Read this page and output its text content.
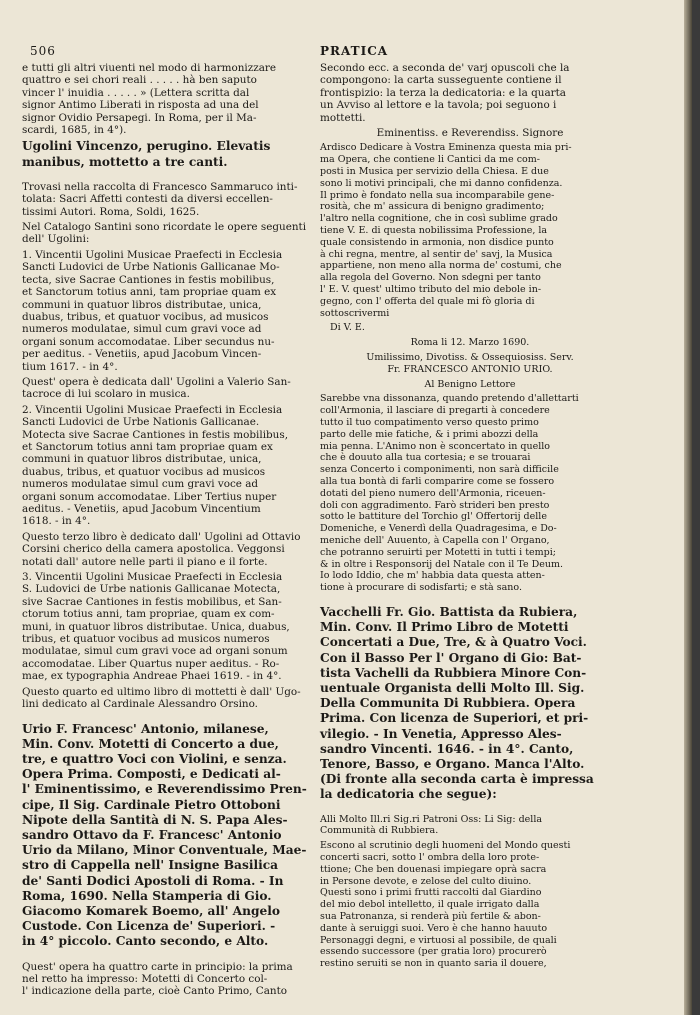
506	PRATICA
e tutti gli altri viuenti nel modo di harmonizzare
quattro e sei chori reali . . . . . hà ben saputo
vincer l' inuidia . . . . . » (Lettera scritta dal
signor Antimo Liberati in risposta ad una del
signor Ovidio Persapegi. In Roma, per il Ma-
scardi, 1685, in 4°).
Ugolini Vincenzo, perugino. Elevatis
manibus, mottetto a tre canti.
Trovasi nella raccolta di Francesco Sammaruco inti-
tolata: Sacri Affetti contesti da diversi eccellen-
tissimi Autori. Roma, Soldi, 1625.
Nel Catalogo Santini sono ricordate le opere seguenti
dell' Ugolini:
1. Vincentii Ugolini Musicae Praefecti in Ecclesia
Sancti Ludovici de Urbe Nationis Gallicanae Mo-
tecta, sive Sacrae Cantiones in festis mobilibus,
et Sanctorum totius anni, tam propriae quam ex
communi in quatuor libros distributae, unica,
duabus, tribus, et quatuor vocibus, ad musicos
numeros modulatae, simul cum gravi voce ad
organi sonum accomodatae. Liber secundus nu-
per aeditus. - Venetiis, apud Jacobum Vincen-
tium 1617. - in 4°.
Quest' opera è dedicata dall' Ugolini a Valerio San-
tacroce di lui scolaro in musica.
2. Vincentii Ugolini Musicae Praefecti in Ecclesia
Sancti Ludovici de Urbe Nationis Gallicanae.
Motecta sive Sacrae Cantiones in festis mobilibus,
et Sanctorum totius anni tam propriae quam ex
communi in quatuor libros distributae, unica,
duabus, tribus, et quatuor vocibus ad musicos
numeros modulatae simul cum gravi voce ad
organi sonum accomodatae. Liber Tertius nuper
aeditus. - Venetiis, apud Jacobum Vincentium
1618. - in 4°.
Questo terzo libro è dedicato dall' Ugolini ad Ottavio
Corsini cherico della camera apostolica. Veggonsi
notati dall' autore nelle parti il piano e il forte.
3. Vincentii Ugolini Musicae Praefecti in Ecclesia
S. Ludovici de Urbe nationis Gallicanae Motecta,
sive Sacrae Cantiones in festis mobilibus, et San-
ctorum totius anni, tam propriae, quam ex com-
muni, in quatuor libros distributae. Unica, duabus,
tribus, et quatuor vocibus ad musicos numeros
modulatae, simul cum gravi voce ad organi sonum
accomodatae. Liber Quartus nuper aeditus. - Ro-
mae, ex typographia Andreae Phaei 1619. - in 4°.
Questo quarto ed ultimo libro di mottetti è dall' Ugo-
lini dedicato al Cardinale Alessandro Orsino.
Urio F. Francesc' Antonio, milanese,
Min. Conv. Motetti di Concerto a due,
tre, e quattro Voci con Violini, e senza.
Opera Prima. Composti, e Dedicati al-
l' Eminentissimo, e Reverendissimo Pren-
cipe, Il Sig. Cardinale Pietro Ottoboni
Nipote della Santità di N. S. Papa Ales-
sandro Ottavo da F. Francesc' Antonio
Urio da Milano, Minor Conventuale, Mae-
stro di Cappella nell' Insigne Basilica
de' Santi Dodici Apostoli di Roma. - In
Roma, 1690. Nella Stamperia di Gio.
Giacomo Komarek Boemo, all' Angelo
Custode. Con Licenza de' Superiori. -
in 4° piccolo. Canto secondo, e Alto.
Quest' opera ha quattro carte in principio: la prima
nel retto ha impresso: Motetti di Concerto col-
l' indicazione della parte, cioè Canto Primo, Canto
Secondo ecc. a seconda de' varj opuscoli che la
compongono: la carta susseguente contiene il
frontispizio: la terza la dedicatoria: e la quarta
un Avviso al lettore e la tavola; poi seguono i
mottetti.
Eminentiss. e Reverendiss. Signore
Ardisco Dedicare à Vostra Eminenza questa mia pri-
ma Opera, che contiene li Cantici da me com-
posti in Musica per servizio della Chiesa. E due
sono li motivi principali, che mi danno confidenza.
Il primo è fondato nella sua incomparabile gene-
rosità, che m' assicura di benigno gradimento;
l'altro nella cognitione, che in così sublime grado
tiene V. E. di questa nobilissima Professione, la
quale consistendo in armonia, non disdice punto
à chi regna, mentre, al sentir de' savj, la Musica
appartiene, non meno alla norma de' costumi, che
alla regola del Governo. Non sdegni per tanto
l' E. V. quest' ultimo tributo del mio debole in-
gegno, con l' offerta del quale mi fò gloria di
sottoscrivermi
Di V. E.
Roma li 12. Marzo 1690.
Umilissimo, Divotiss. & Ossequiosiss. Serv.
Fr. FRANCESCO ANTONIO URIO.
Al Benigno Lettore
Sarebbe vna dissonanza, quando pretendo d'allettarti
coll'Armonia, il lasciare di pregarti à concedere
tutto il tuo compatimento verso questo primo
parto delle mie fatiche, & i primi abozzi della
mia penna. L'Animo non è sconcertato in quello
che è douuto alla tua cortesia; e se trouarai
senza Concerto i componimenti, non sarà difficile
alla tua bontà di farli comparire come se fossero
dotati del pieno numero dell'Armonia, riceuen-
doli con aggradimento. Farò strideri ben presto
sotto le battiture del Torchio gl' Offertorij delle
Domeniche, e Venerdì della Quadragesima, e Do-
meniche dell' Auuento, à Capella con l' Organo,
che potranno seruirti per Motetti in tutti i tempi;
& in oltre i Responsorij del Natale con il Te Deum.
Io lodo Iddio, che m' habbia data questa atten-
tione à procurare di sodisfarti; e stà sano.
Vacchelli Fr. Gio. Battista da Rubiera,
Min. Conv. Il Primo Libro de Motetti
Concertati a Due, Tre, & à Quatro Voci.
Con il Basso Per l' Organo di Gio: Bat-
tista Vachelli da Rubbiera Minore Con-
uentuale Organista delli Molto Ill. Sig.
Della Communita Di Rubbiera. Opera
Prima. Con licenza de Superiori, et pri-
vilegio. - In Venetia, Appresso Ales-
sandro Vincenti. 1646. - in 4°. Canto,
Tenore, Basso, e Organo. Manca l'Alto.
(Di fronte alla seconda carta è impressa
la dedicatoria che segue):
Alli Molto Ill.ri Sig.ri Patroni Oss: Li Sig: della
Communità di Rubbiera.
Escono al scrutinio degli huomeni del Mondo questi
concerti sacri, sotto l' ombra della loro prote-
ttione; Che ben douenasi impiegare oprà sacra
in Persone devote, e zelose del culto diuino.
Questi sono i primi frutti raccolti dal Giardino
del mio debol intelletto, il quale irrigato dalla
sua Patronanza, si renderà più fertile & abon-
dante à seruiggi suoi. Vero è che hanno hauuto
Personaggi degni, e virtuosi al possibile, de quali
essendo successore (per gratia loro) procurerò
restino seruiti se non in quanto saria il douere,
